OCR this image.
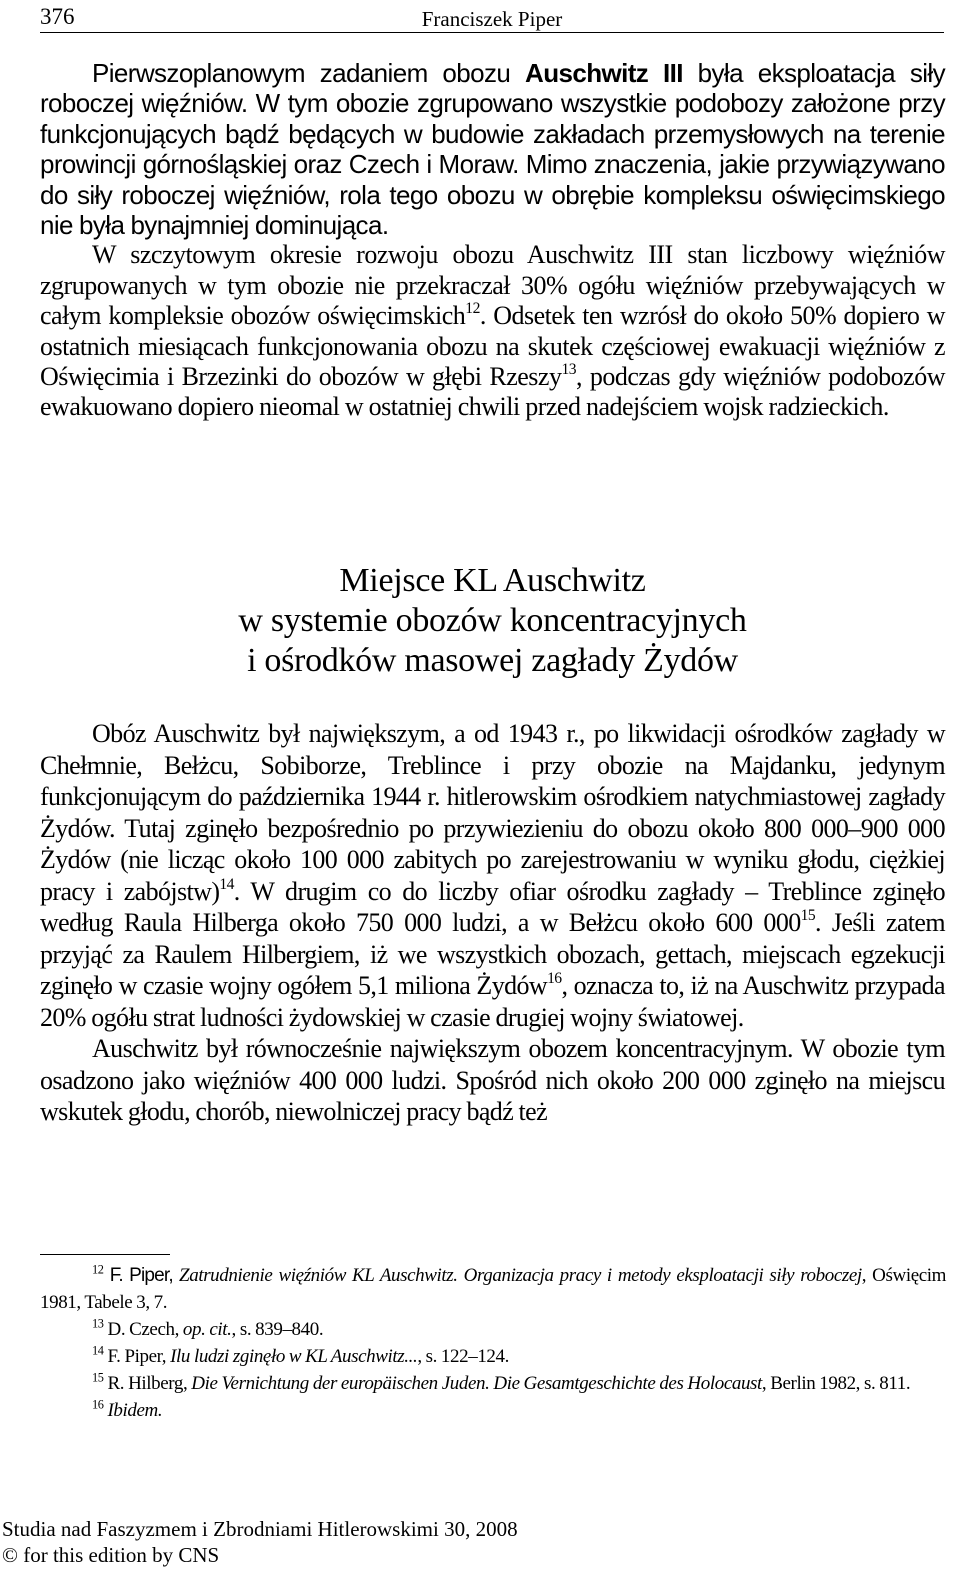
376	Franciszek Piper

Pierwszoplanowym zadaniem obozu Auschwitz III była eksploatacja siły roboczej więźniów. W tym obozie zgrupowano wszystkie podobozy założone przy funkcjonujących bądź będących w budowie zakładach przemysłowych na terenie prowincji górnośląskiej oraz Czech i Moraw. Mimo znaczenia, jakie przywiązywano do siły roboczej więźniów, rola tego obozu w obrębie kompleksu oświęcimskiego nie była bynajmniej dominująca.

W szczytowym okresie rozwoju obozu Auschwitz III stan liczbowy więźniów zgrupowanych w tym obozie nie przekraczał 30% ogółu więźniów przebywających w całym kompleksie obozów oświęcimskich$^{12}$. Odsetek ten wzrósł do około 50% dopiero w ostatnich miesiącach funkcjonowania obozu na skutek częściowej ewakuacji więźniów z Oświęcimia i Brzezinki do obozów w głębi Rzeszy$^{13}$, podczas gdy więźniów podobozów ewakuowano dopiero nieomal w ostatniej chwili przed nadejściem wojsk radzieckich.

Miejsce KL Auschwitz
w systemie obozów koncentracyjnych
i ośrodków masowej zagłady Żydów

Obóz Auschwitz był największym, a od 1943 r., po likwidacji ośrodków zagłady w Chełmnie, Bełżcu, Sobiborze, Treblince i przy obozie na Majdanku, jedynym funkcjonującym do października 1944 r. hitlerowskim ośrodkiem natychmiastowej zagłady Żydów. Tutaj zginęło bezpośrednio po przywiezieniu do obozu około 800 000–900 000 Żydów (nie licząc około 100 000 zabitych po zarejestrowaniu w wyniku głodu, ciężkiej pracy i zabójstw)$^{14}$. W drugim co do liczby ofiar ośrodku zagłady – Treblince zginęło według Raula Hilberga około 750 000 ludzi, a w Bełżcu około 600 $000^{15}$. Jeśli zatem przyjąć za Raulem Hilbergiem, iż we wszystkich obozach, gettach, miejscach egzekucji zginęło w czasie wojny ogółem 5,1 miliona Żydów$^{16}$, oznacza to, iż na Auschwitz przypada 20% ogółu strat ludności żydowskiej w czasie drugiej wojny światowej.

Auschwitz był równocześnie największym obozem koncentracyjnym. W obozie tym osadzono jako więźniów 400 000 ludzi. Spośród nich około 200 000 zginęło na miejscu wskutek głodu, chorób, niewolniczej pracy bądź też

$^{12}$ F. Piper, Zatrudnienie więźniów KL Auschwitz. Organizacja pracy i metody eksploatacji siły roboczej, Oświęcim 1981, Tabele 3, 7.

$^{13}$ D. Czech, op. cit., s. 839–840.

$^{14}$ F. Piper, Ilu ludzi zginęło w KL Auschwitz..., s. 122–124.

$^{15}$ R. Hilberg, Die Vernichtung der europäischen Juden. Die Gesamtgeschichte des Holocaust, Berlin 1982, s. 811.

$^{16}$ Ibidem.

Studia nad Faszyzmem i Zbrodniami Hitlerowskimi 30, 2008
© for this edition by CNS
